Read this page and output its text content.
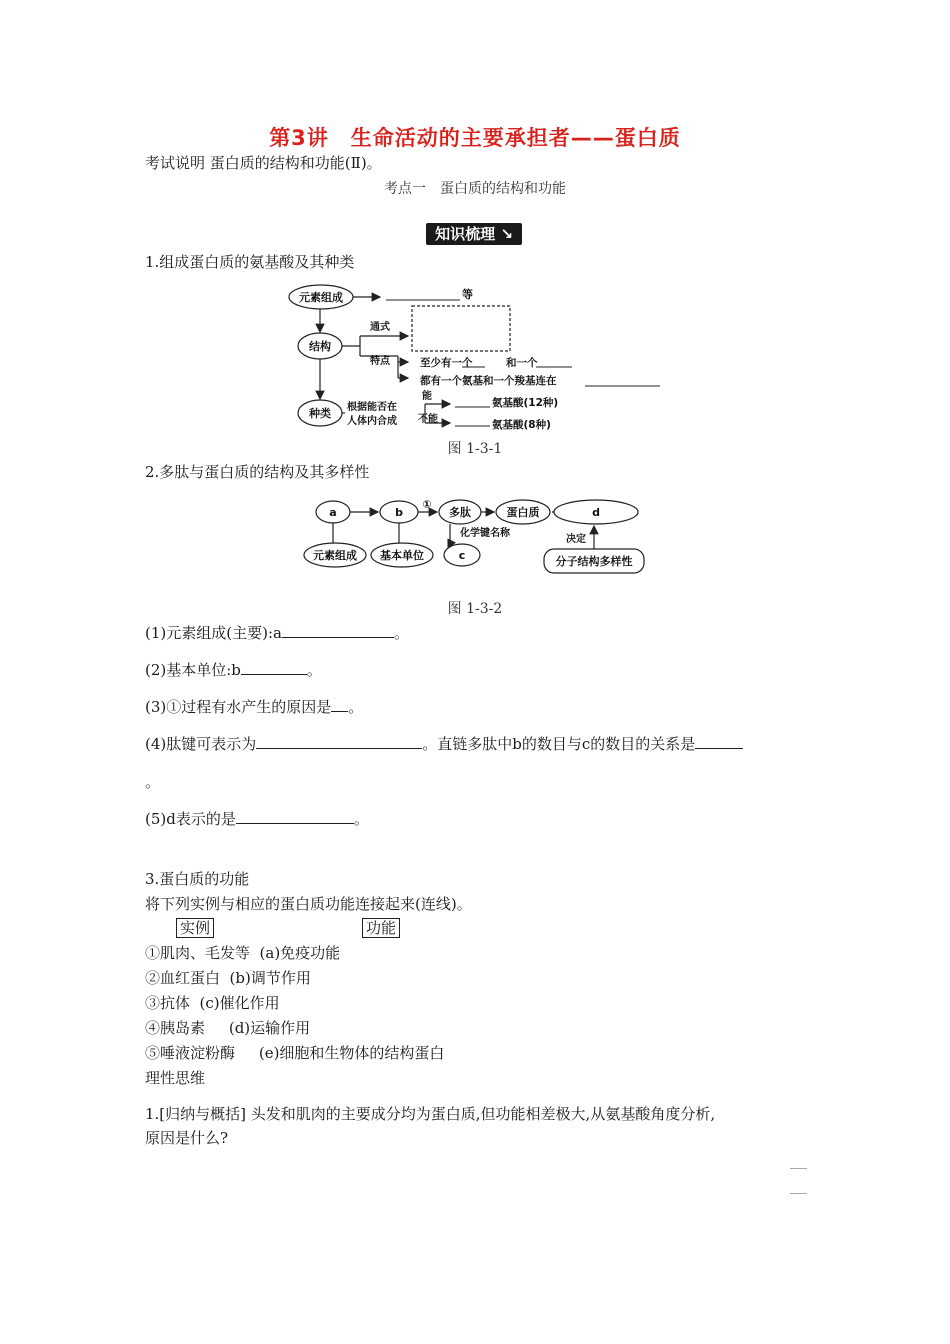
第3讲　生命活动的主要承担者——蛋白质
考试说明 蛋白质的结构和功能(Ⅱ)。
考点一　蛋白质的结构和功能
知识梳理 ↘
1.组成蛋白质的氨基酸及其种类
元素组成
结构
种类
等
通式
特点	至少有一个	和一个
都有一个氨基和一个羧基连在
根据能否在
人体内合成
能
不能
氨基酸(12种)
氨基酸(8种)
图 1-3-1
2.多肽与蛋白质的结构及其多样性
a	b	多肽	蛋白质	d
①
元素组成 基本单位	c
化学键名称
决定
分子结构多样性
图 1-3-2
(1)元素组成(主要):a	。
(2)基本单位:b	。
(3)①过程有水产生的原因是 。
(4)肽键可表示为	。直链多肽中b的数目与c的数目的关系是
。
(5)d表示的是	。
3.蛋白质的功能
将下列实例与相应的蛋白质功能连接起来(连线)。
实例	功能
①肌肉、毛发等  (a)免疫功能
②血红蛋白  (b)调节作用
③抗体  (c)催化作用
④胰岛素     (d)运输作用
⑤唾液淀粉酶     (e)细胞和生物体的结构蛋白
理性思维
1.[归纳与概括] 头发和肌肉的主要成分均为蛋白质,但功能相差极大,从氨基酸角度分析,
原因是什么?
